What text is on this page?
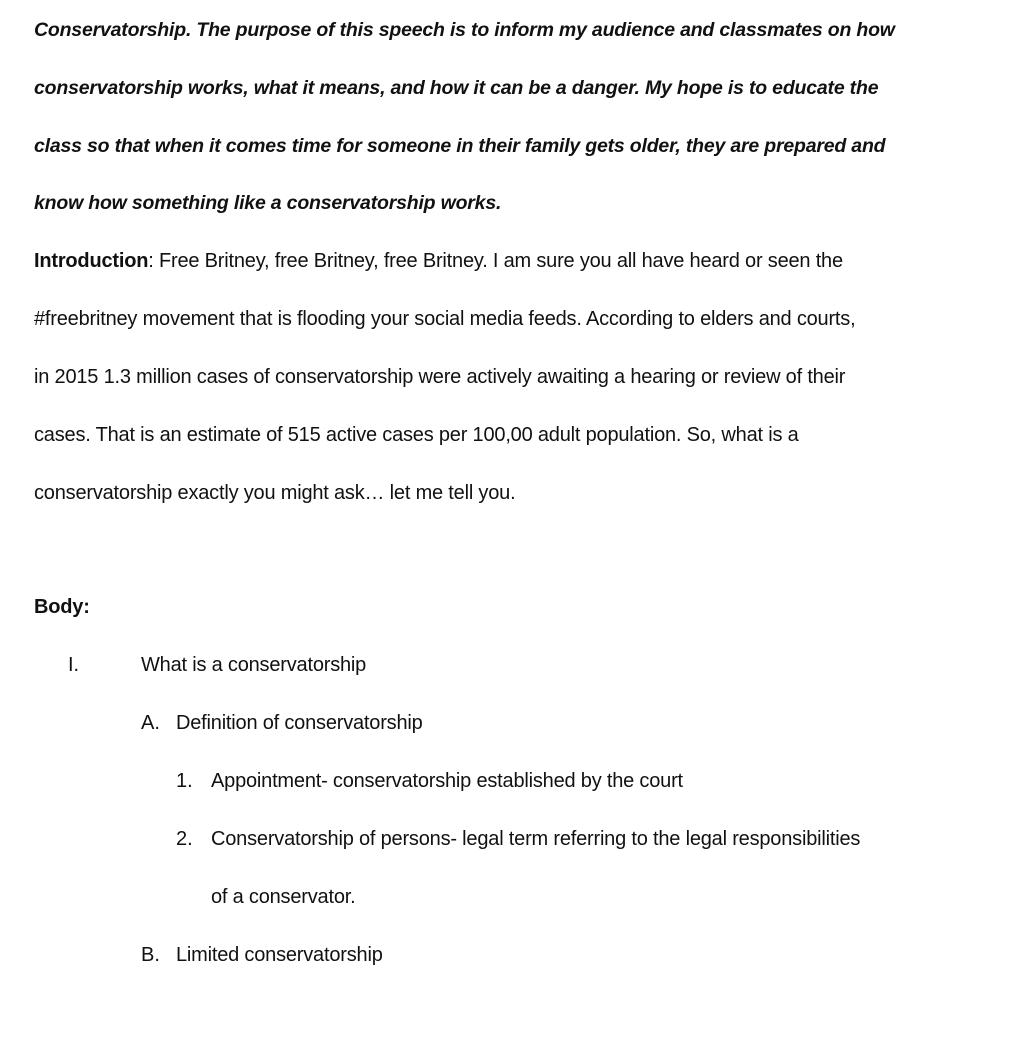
Conservatorship. The purpose of this speech is to inform my audience and classmates on how
conservatorship works, what it means, and how it can be a danger. My hope is to educate the
class so that when it comes time for someone in their family gets older, they are prepared and
know how something like a conservatorship works.
Introduction: Free Britney, free Britney, free Britney. I am sure you all have heard or seen the
#freebritney movement that is flooding your social media feeds. According to elders and courts,
in 2015 1.3 million cases of conservatorship were actively awaiting a hearing or review of their
cases. That is an estimate of 515 active cases per 100,00 adult population. So, what is a
conservatorship exactly you might ask… let me tell you.
Body:
I.	What is a conservatorship
A. Definition of conservatorship
1. Appointment- conservatorship established by the court
2. Conservatorship of persons- legal term referring to the legal responsibilities
of a conservator.
B. Limited conservatorship
